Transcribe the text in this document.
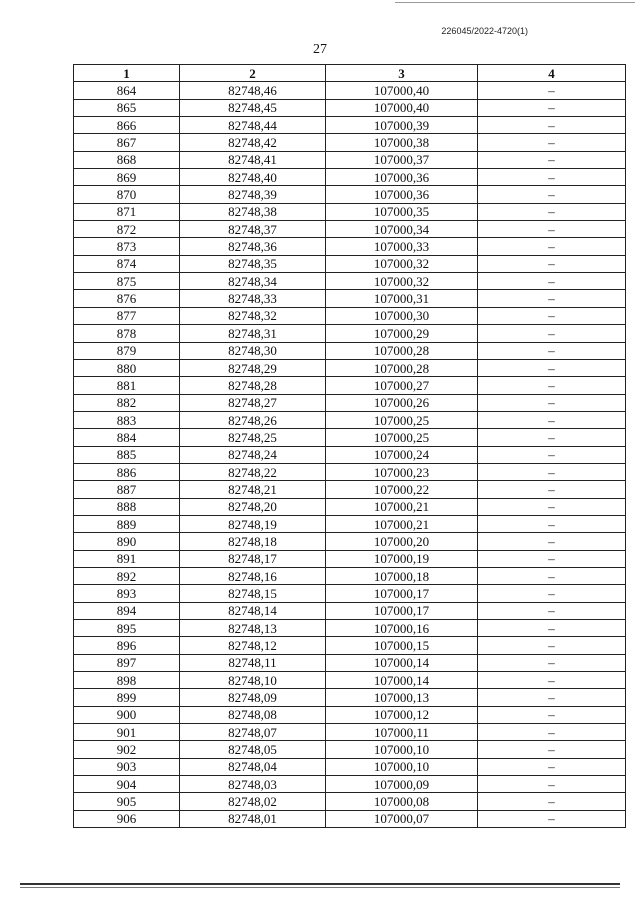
226045/2022-4720(1)
27
1	2	3	4
864	82748,46	107000,40	–
865	82748,45	107000,40	–
866	82748,44	107000,39	–
867	82748,42	107000,38	–
868	82748,41	107000,37	–
869	82748,40	107000,36	–
870	82748,39	107000,36	–
871	82748,38	107000,35	–
872	82748,37	107000,34	–
873	82748,36	107000,33	–
874	82748,35	107000,32	–
875	82748,34	107000,32	–
876	82748,33	107000,31	–
877	82748,32	107000,30	–
878	82748,31	107000,29	–
879	82748,30	107000,28	–
880	82748,29	107000,28	–
881	82748,28	107000,27	–
882	82748,27	107000,26	–
883	82748,26	107000,25	–
884	82748,25	107000,25	–
885	82748,24	107000,24	–
886	82748,22	107000,23	–
887	82748,21	107000,22	–
888	82748,20	107000,21	–
889	82748,19	107000,21	–
890	82748,18	107000,20	–
891	82748,17	107000,19	–
892	82748,16	107000,18	–
893	82748,15	107000,17	–
894	82748,14	107000,17	–
895	82748,13	107000,16	–
896	82748,12	107000,15	–
897	82748,11	107000,14	–
898	82748,10	107000,14	–
899	82748,09	107000,13	–
900	82748,08	107000,12	–
901	82748,07	107000,11	–
902	82748,05	107000,10	–
903	82748,04	107000,10	–
904	82748,03	107000,09	–
905	82748,02	107000,08	–
906	82748,01	107000,07	–
